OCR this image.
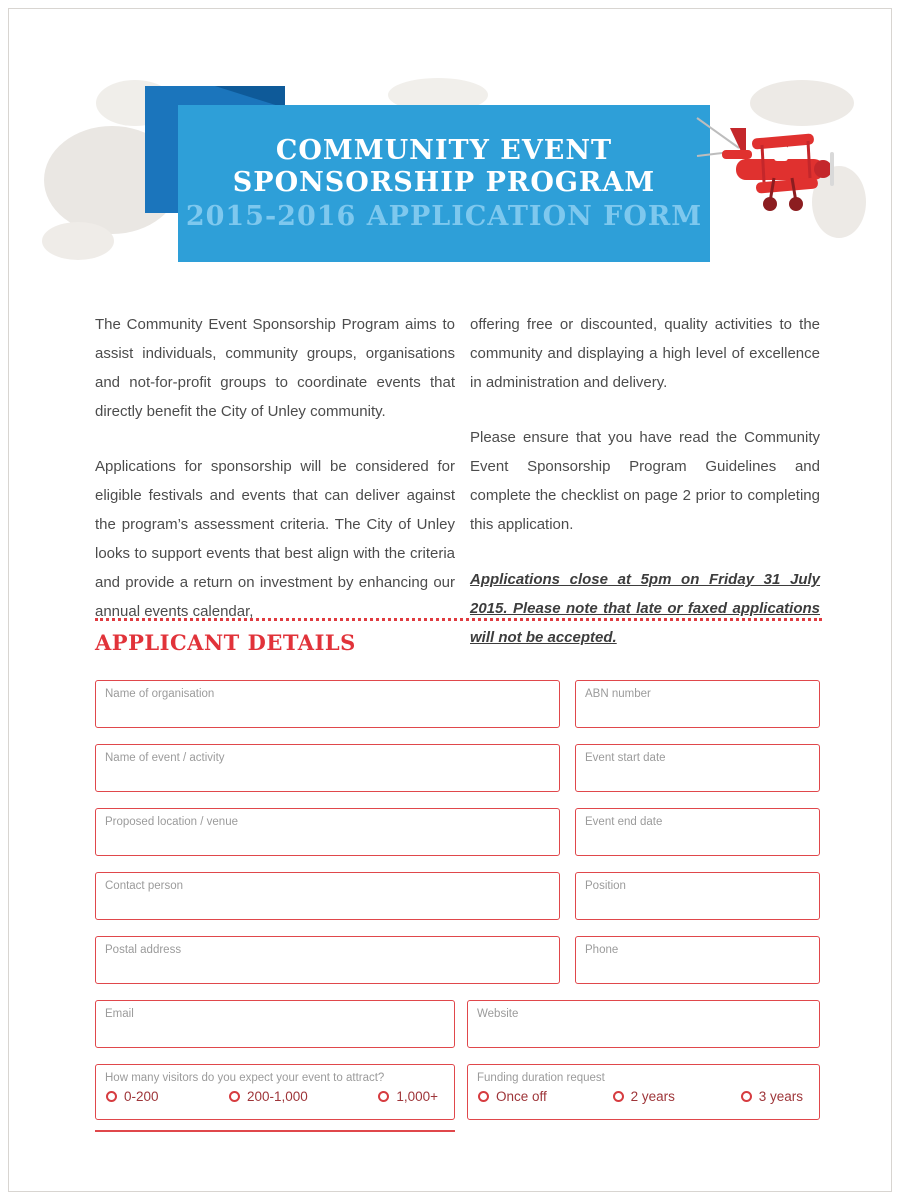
COMMUNITY EVENT
SPONSORSHIP PROGRAM
2015-2016 APPLICATION FORM

The Community Event Sponsorship Program aims to assist individuals, community groups, organisations and not-for-profit groups to coordinate events that directly benefit the City of Unley community.

Applications for sponsorship will be considered for eligible festivals and events that can deliver against the program’s assessment criteria. The City of Unley looks to support events that best align with the criteria and provide a return on investment by enhancing our annual events calendar,

offering free or discounted, quality activities to the community and displaying a high level of excellence in administration and delivery.

Please ensure that you have read the Community Event Sponsorship Program Guidelines and complete the checklist on page 2 prior to completing this application.

Applications close at 5pm on Friday 31 July 2015. Please note that late or faxed applications will not be accepted.

APPLICANT DETAILS
Name of organisation	ABN number
Name of event / activity	Event start date
Proposed location / venue	Event end date
Contact person	Position
Postal address	Phone
Email	Website
How many visitors do you expect your event to attract?
0-200	200-1,000	1,000+
Funding duration request
Once off	2 years	3 years
